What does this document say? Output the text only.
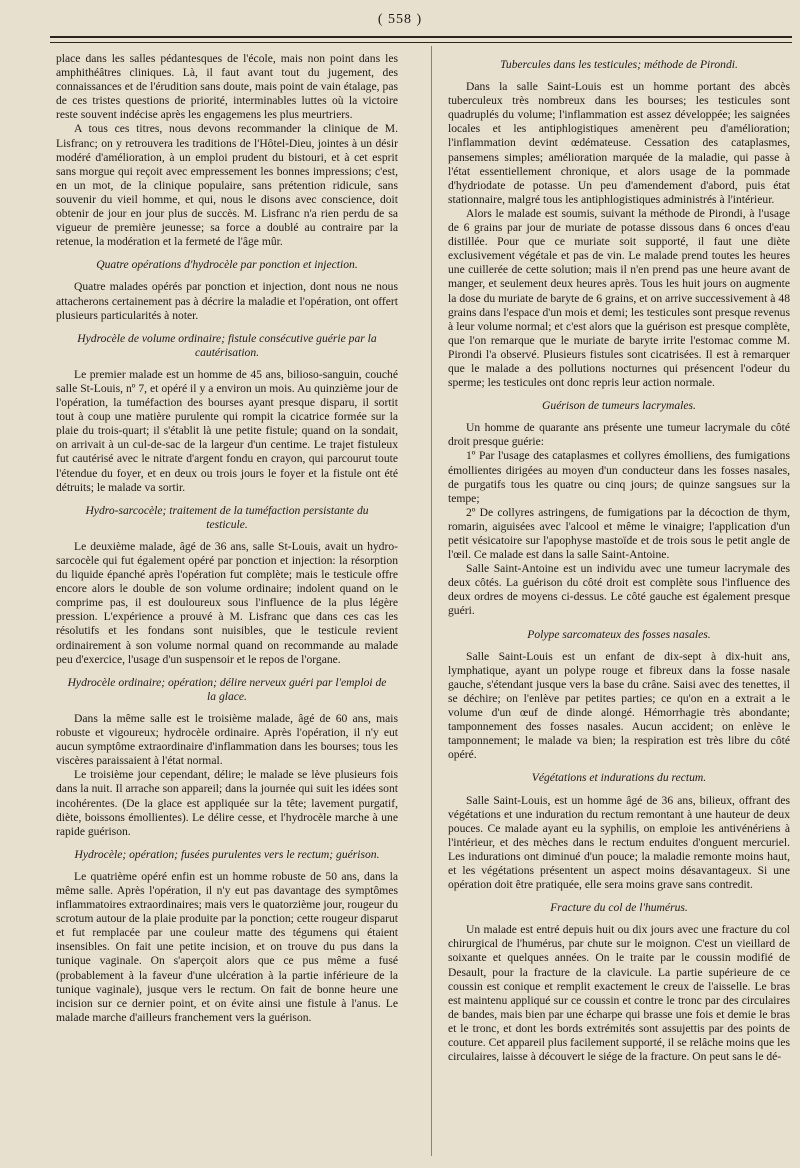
( 558 )

place dans les salles pédantesques de l'école, mais non point dans les amphithéâtres cliniques. Là, il faut avant tout du jugement, des connaissances et de l'érudition sans doute, mais point de vain étalage, pas de ces tristes questions de priorité, interminables luttes où la victoire reste souvent indécise après les engagemens les plus meurtriers.

A tous ces titres, nous devons recommander la clinique de M. Lisfranc; on y retrouvera les traditions de l'Hôtel-Dieu, jointes à un désir modéré d'amélioration, à un emploi prudent du bistouri, et à cet esprit sans morgue qui reçoit avec empressement les bonnes impressions; c'est, en un mot, de la clinique populaire, sans prétention ridicule, sans souvenir du vieil homme, et qui, nous le disons avec conscience, doit obtenir de jour en jour plus de succès. M. Lisfranc n'a rien perdu de sa vigueur de première jeunesse; sa force a doublé au contraire par la retenue, la modération et la fermeté de l'âge mûr.

Quatre opérations d'hydrocèle par ponction et injection.

Quatre malades opérés par ponction et injection, dont nous ne nous attacherons certainement pas à décrire la maladie et l'opération, ont offert plusieurs particularités à noter.

Hydrocèle de volume ordinaire; fistule consécutive guérie par la cautérisation.

Le premier malade est un homme de 45 ans, bilioso-sanguin, couché salle St-Louis, nº 7, et opéré il y a environ un mois. Au quinzième jour de l'opération, la tuméfaction des bourses ayant presque disparu, il sortit tout à coup une matière purulente qui rompit la cicatrice formée sur la plaie du trois-quart; il s'établit là une petite fistule; quand on la sondait, on arrivait à un cul-de-sac de la largeur d'un centime. Le trajet fistuleux fut cautérisé avec le nitrate d'argent fondu en crayon, qui parcourut toute l'étendue du foyer, et en deux ou trois jours le foyer et la fistule ont été détruits; le malade va sortir.

Hydro-sarcocèle; traitement de la tuméfaction persistante du testicule.

Le deuxième malade, âgé de 36 ans, salle St-Louis, avait un hydro-sarcocèle qui fut également opéré par ponction et injection: la résorption du liquide épanché après l'opération fut complète; mais le testicule offre encore alors le double de son volume ordinaire; indolent quand on le comprime pas, il est douloureux sous l'influence de la plus légère pression. L'expérience a prouvé à M. Lisfranc que dans ces cas les résolutifs et les fondans sont nuisibles, que le testicule revient ordinairement à son volume normal quand on recommande au malade peu d'exercice, l'usage d'un suspensoir et le repos de l'organe.

Hydrocèle ordinaire; opération; délire nerveux guéri par l'emploi de la glace.

Dans la même salle est le troisième malade, âgé de 60 ans, mais robuste et vigoureux; hydrocèle ordinaire. Après l'opération, il n'y eut aucun symptôme extraordinaire d'inflammation dans les bourses; tous les viscères paraissaient à l'état normal.

Le troisième jour cependant, délire; le malade se lève plusieurs fois dans la nuit. Il arrache son appareil; dans la journée qui suit les idées sont incohérentes. (De la glace est appliquée sur la tête; lavement purgatif, diète, boissons émollientes). Le délire cesse, et l'hydrocèle marche à une rapide guérison.

Hydrocèle; opération; fusées purulentes vers le rectum; guérison.

Le quatrième opéré enfin est un homme robuste de 50 ans, dans la même salle. Après l'opération, il n'y eut pas davantage des symptômes inflammatoires extraordinaires; mais vers le quatorzième jour, rougeur du scrotum autour de la plaie produite par la ponction; cette rougeur disparut et fut remplacée par une couleur matte des tégumens qui étaient insensibles. On fait une petite incision, et on trouve du pus dans la tunique vaginale. On s'aperçoit alors que ce pus même a fusé (probablement à la faveur d'une ulcération à la partie inférieure de la tunique vaginale), jusque vers le rectum. On fait de bonne heure une incision sur ce dernier point, et on évite ainsi une fistule à l'anus. Le malade marche d'ailleurs franchement vers la guérison.

Tubercules dans les testicules; méthode de Pirondi.

Dans la salle Saint-Louis est un homme portant des abcès tuberculeux très nombreux dans les bourses; les testicules sont quadruplés du volume; l'inflammation est assez développée; les saignées locales et les antiphlogistiques amenèrent peu d'amélioration; l'inflammation devint œdémateuse. Cessation des cataplasmes, pansemens simples; amélioration marquée de la maladie, qui passe à l'état essentiellement chronique, et alors usage de la pommade d'hydriodate de potasse. Un peu d'amendement d'abord, puis état stationnaire, malgré tous les antiphlogistiques administrés à l'intérieur.

Alors le malade est soumis, suivant la méthode de Pirondi, à l'usage de 6 grains par jour de muriate de potasse dissous dans 6 onces d'eau distillée. Pour que ce muriate soit supporté, il faut une diète exclusivement végétale et pas de vin. Le malade prend toutes les heures une cuillerée de cette solution; mais il n'en prend pas une heure avant de manger, et seulement deux heures après. Tous les huit jours on augmente la dose du muriate de baryte de 6 grains, et on arrive successivement à 48 grains dans l'espace d'un mois et demi; les testicules sont presque revenus à leur volume normal; et c'est alors que la guérison est presque complète, que l'on remarque que le muriate de baryte irrite l'estomac comme M. Pirondi l'a observé. Plusieurs fistules sont cicatrisées. Il est à remarquer que le malade a des pollutions nocturnes qui présencent l'odeur du sperme; les testicules ont donc repris leur action normale.

Guérison de tumeurs lacrymales.

Un homme de quarante ans présente une tumeur lacrymale du côté droit presque guérie:

1º Par l'usage des cataplasmes et collyres émolliens, des fumigations émollientes dirigées au moyen d'un conducteur dans les fosses nasales, de purgatifs tous les quatre ou cinq jours; de quinze sangsues sur la tempe;

2º De collyres astringens, de fumigations par la décoction de thym, romarin, aiguisées avec l'alcool et même le vinaigre; l'application d'un petit vésicatoire sur l'apophyse mastoïde et de trois sous le petit angle de l'œil. Ce malade est dans la salle Saint-Antoine.

Salle Saint-Antoine est un individu avec une tumeur lacrymale des deux côtés. La guérison du côté droit est complète sous l'influence des deux ordres de moyens ci-dessus. Le côté gauche est également presque guéri.

Polype sarcomateux des fosses nasales.

Salle Saint-Louis est un enfant de dix-sept à dix-huit ans, lymphatique, ayant un polype rouge et fibreux dans la fosse nasale gauche, s'étendant jusque vers la base du crâne. Saisi avec des tenettes, il se déchire; on l'enlève par petites parties; ce qu'on en a extrait a le volume d'un œuf de dinde alongé. Hémorrhagie très abondante; tamponnement des fosses nasales. Aucun accident; on enlève le tamponnement; le malade va bien; la respiration est très libre du côté opéré.

Végétations et indurations du rectum.

Salle Saint-Louis, est un homme âgé de 36 ans, bilieux, offrant des végétations et une induration du rectum remontant à une hauteur de deux pouces. Ce malade ayant eu la syphilis, on emploie les antivénériens à l'intérieur, et des mèches dans le rectum enduites d'onguent mercuriel. Les indurations ont diminué d'un pouce; la maladie remonte moins haut, et les végétations présentent un aspect moins désavantageux. Si une opération doit être pratiquée, elle sera moins grave sans contredit.

Fracture du col de l'humérus.

Un malade est entré depuis huit ou dix jours avec une fracture du col chirurgical de l'humérus, par chute sur le moignon. C'est un vieillard de soixante et quelques années. On le traite par le coussin modifié de Desault, pour la fracture de la clavicule. La partie supérieure de ce coussin est conique et remplit exactement le creux de l'aisselle. Le bras est maintenu appliqué sur ce coussin et contre le tronc par des circulaires de bandes, mais bien par une écharpe qui brasse une fois et demie le bras et le tronc, et dont les bords extrémités sont assujettis par des points de couture. Cet appareil plus facilement supporté, il se relâche moins que les circulaires, laisse à découvert le siége de la fracture. On peut sans le dé-
